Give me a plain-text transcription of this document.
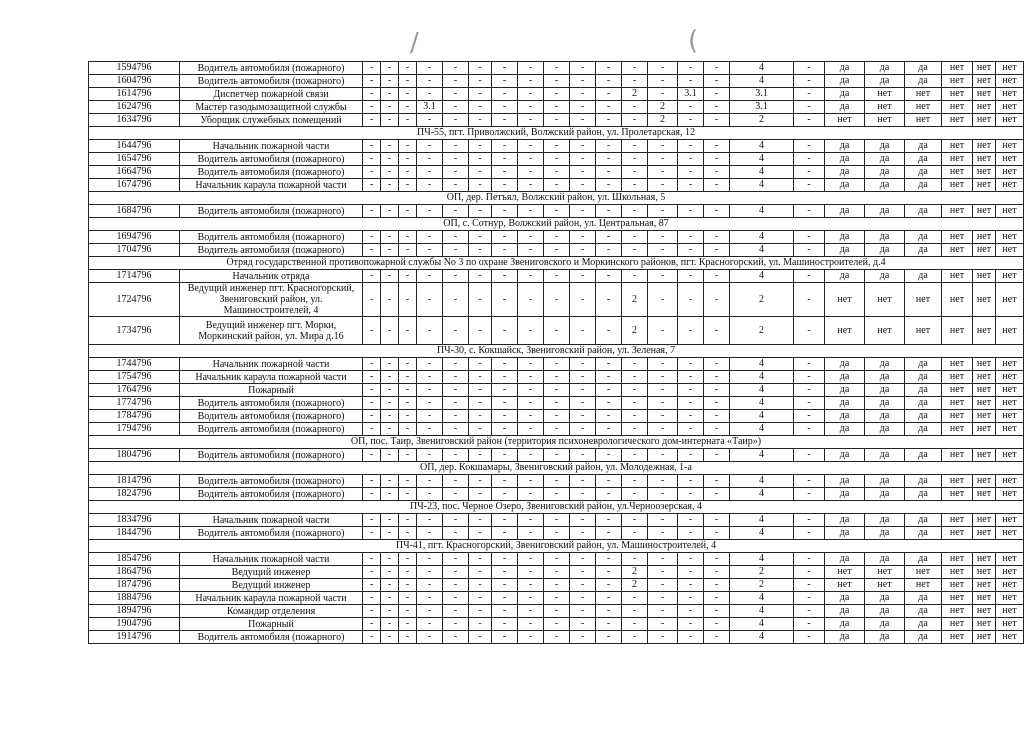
/	(
1594796	Водитель автомобиля (пожарного)	-	-	-	-	-	-	-	-	-	-	-	-	-	-	-	4	-	да	да	да	нет	нет	нет
1604796	Водитель автомобиля (пожарного)	-	-	-	-	-	-	-	-	-	-	-	-	-	-	-	4	-	да	да	да	нет	нет	нет
1614796	Диспетчер пожарной связи	-	-	-	-	-	-	-	-	-	-	-	2	-	3.1	-	3.1	-	да	нет	нет	нет	нет	нет
1624796	Мастер газодымозащитной службы	-	-	-	3.1	-	-	-	-	-	-	-	-	2	-	-	3.1	-	да	нет	нет	нет	нет	нет
1634796	Уборщик служебных помещений	-	-	-	-	-	-	-	-	-	-	-	-	2	-	-	2	-	нет	нет	нет	нет	нет	нет
ПЧ-55, пгт. Приволжский, Волжский район, ул. Пролетарская, 12																								
1644796	Начальник пожарной части	-	-	-	-	-	-	-	-	-	-	-	-	-	-	-	4	-	да	да	да	нет	нет	нет
1654796	Водитель автомобиля (пожарного)	-	-	-	-	-	-	-	-	-	-	-	-	-	-	-	4	-	да	да	да	нет	нет	нет
1664796	Водитель автомобиля (пожарного)	-	-	-	-	-	-	-	-	-	-	-	-	-	-	-	4	-	да	да	да	нет	нет	нет
1674796	Начальник караула пожарной части	-	-	-	-	-	-	-	-	-	-	-	-	-	-	-	4	-	да	да	да	нет	нет	нет
ОП, дер. Петъял, Волжский район, ул. Школьная, 5																								
1684796	Водитель автомобиля (пожарного)	-	-	-	-	-	-	-	-	-	-	-	-	-	-	-	4	-	да	да	да	нет	нет	нет
ОП, с. Сотнур, Волжский район, ул. Центральная, 87																								
1694796	Водитель автомобиля (пожарного)	-	-	-	-	-	-	-	-	-	-	-	-	-	-	-	4	-	да	да	да	нет	нет	нет
1704796	Водитель автомобиля (пожарного)	-	-	-	-	-	-	-	-	-	-	-	-	-	-	-	4	-	да	да	да	нет	нет	нет
Отряд государственной противопожарной службы No 3 по охране Звениговского и Моркинского районов, пгт. Красногорский, ул. Машиностроителей, д.4																								
1714796	Начальник отряда	-	-	-	-	-	-	-	-	-	-	-	-	-	-	-	4	-	да	да	да	нет	нет	нет
1724796	Ведущий инженер пгт. Красногорский, Звениговский район, ул. Машиностроителей, 4	-	-	-	-	-	-	-	-	-	-	-	2	-	-	-	2	-	нет	нет	нет	нет	нет	нет
1734796	Ведущий инженер пгт. Морки, Моркинский район, ул. Мира д.16	-	-	-	-	-	-	-	-	-	-	-	2	-	-	-	2	-	нет	нет	нет	нет	нет	нет
ПЧ-30, с. Кокшайск, Звениговский район, ул. Зеленая, 7																								
1744796	Начальник пожарной части	-	-	-	-	-	-	-	-	-	-	-	-	-	-	-	4	-	да	да	да	нет	нет	нет
1754796	Начальник караула пожарной части	-	-	-	-	-	-	-	-	-	-	-	-	-	-	-	4	-	да	да	да	нет	нет	нет
1764796	Пожарный	-	-	-	-	-	-	-	-	-	-	-	-	-	-	-	4	-	да	да	да	нет	нет	нет
1774796	Водитель автомобиля (пожарного)	-	-	-	-	-	-	-	-	-	-	-	-	-	-	-	4	-	да	да	да	нет	нет	нет
1784796	Водитель автомобиля (пожарного)	-	-	-	-	-	-	-	-	-	-	-	-	-	-	-	4	-	да	да	да	нет	нет	нет
1794796	Водитель автомобиля (пожарного)	-	-	-	-	-	-	-	-	-	-	-	-	-	-	-	4	-	да	да	да	нет	нет	нет
ОП, пос. Таир, Звениговский район (территория психоневрологического дом-интерната «Таир»)																								
1804796	Водитель автомобиля (пожарного)	-	-	-	-	-	-	-	-	-	-	-	-	-	-	-	4	-	да	да	да	нет	нет	нет
ОП, дер. Кокшамары, Звениговский район, ул. Молодежная, 1-а																								
1814796	Водитель автомобиля (пожарного)	-	-	-	-	-	-	-	-	-	-	-	-	-	-	-	4	-	да	да	да	нет	нет	нет
1824796	Водитель автомобиля (пожарного)	-	-	-	-	-	-	-	-	-	-	-	-	-	-	-	4	-	да	да	да	нет	нет	нет
ПЧ-23, пос. Черное Озеро, Звениговский район, ул.Черноозерская, 4																								
1834796	Начальник пожарной части	-	-	-	-	-	-	-	-	-	-	-	-	-	-	-	4	-	да	да	да	нет	нет	нет
1844796	Водитель автомобиля (пожарного)	-	-	-	-	-	-	-	-	-	-	-	-	-	-	-	4	-	да	да	да	нет	нет	нет
ПЧ-41, пгт. Красногорский, Звениговский район, ул. Машиностроителей, 4																								
1854796	Начальник пожарной части	-	-	-	-	-	-	-	-	-	-	-	-	-	-	-	4	-	да	да	да	нет	нет	нет
1864796	Ведущий инженер	-	-	-	-	-	-	-	-	-	-	-	2	-	-	-	2	-	нет	нет	нет	нет	нет	нет
1874796	Ведущий инженер	-	-	-	-	-	-	-	-	-	-	-	2	-	-	-	2	-	нет	нет	нет	нет	нет	нет
1884796	Начальник караула пожарной части	-	-	-	-	-	-	-	-	-	-	-	-	-	-	-	4	-	да	да	да	нет	нет	нет
1894796	Командир отделения	-	-	-	-	-	-	-	-	-	-	-	-	-	-	-	4	-	да	да	да	нет	нет	нет
1904796	Пожарный	-	-	-	-	-	-	-	-	-	-	-	-	-	-	-	4	-	да	да	да	нет	нет	нет
1914796	Водитель автомобиля (пожарного)	-	-	-	-	-	-	-	-	-	-	-	-	-	-	-	4	-	да	да	да	нет	нет	нет
